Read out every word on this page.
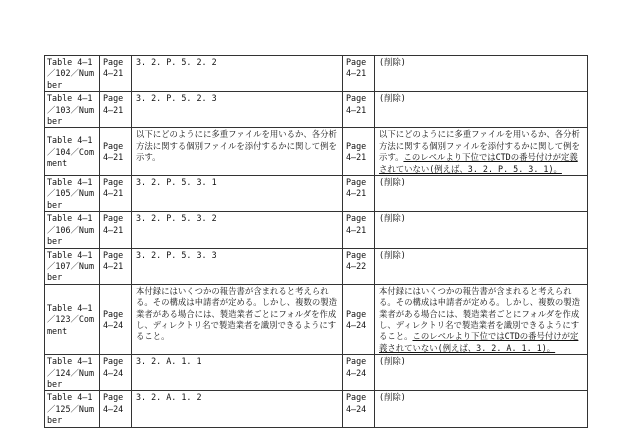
Table 4—1／102／Number	Page 4—21	3. 2. P. 5. 2. 2	Page 4—21	(削除)
Table 4—1／103／Number	Page 4—21	3. 2. P. 5. 2. 3	Page 4—21	(削除)
Table 4—1／104／Comment	Page 4—21	以下にどのようにに多重ファイルを用いるか、各分析方法に関する個別ファイルを添付するかに関して例を示す。	Page 4—21	以下にどのようにに多重ファイルを用いるか、各分析方法に関する個別ファイルを添付するかに関して例を示す。このレベルより下位ではCTDの番号付けが定義されていない(例えば、3. 2. P. 5. 3. 1)。
Table 4—1／105／Number	Page 4—21	3. 2. P. 5. 3. 1	Page 4—21	(削除)
Table 4—1／106／Number	Page 4—21	3. 2. P. 5. 3. 2	Page 4—21	(削除)
Table 4—1／107／Number	Page 4—21	3. 2. P. 5. 3. 3	Page 4—22	(削除)
Table 4—1／123／Comment	Page 4—24	本付録にはいくつかの報告書が含まれると考えられる。その構成は申請者が定める。しかし、複数の製造業者がある場合には、製造業者ごとにフォルダを作成し、ディレクトリ名で製造業者を識別できるようにすること。	Page 4—24	本付録にはいくつかの報告書が含まれると考えられる。その構成は申請者が定める。しかし、複数の製造業者がある場合には、製造業者ごとにフォルダを作成し、ディレクトリ名で製造業者を識別できるようにすること。このレベルより下位ではCTDの番号付けが定義されていない(例えば、3. 2. A. 1. 1)。
Table 4—1／124／Number	Page 4—24	3. 2. A. 1. 1	Page 4—24	(削除)
Table 4—1／125／Number	Page 4—24	3. 2. A. 1. 2	Page 4—24	(削除)
